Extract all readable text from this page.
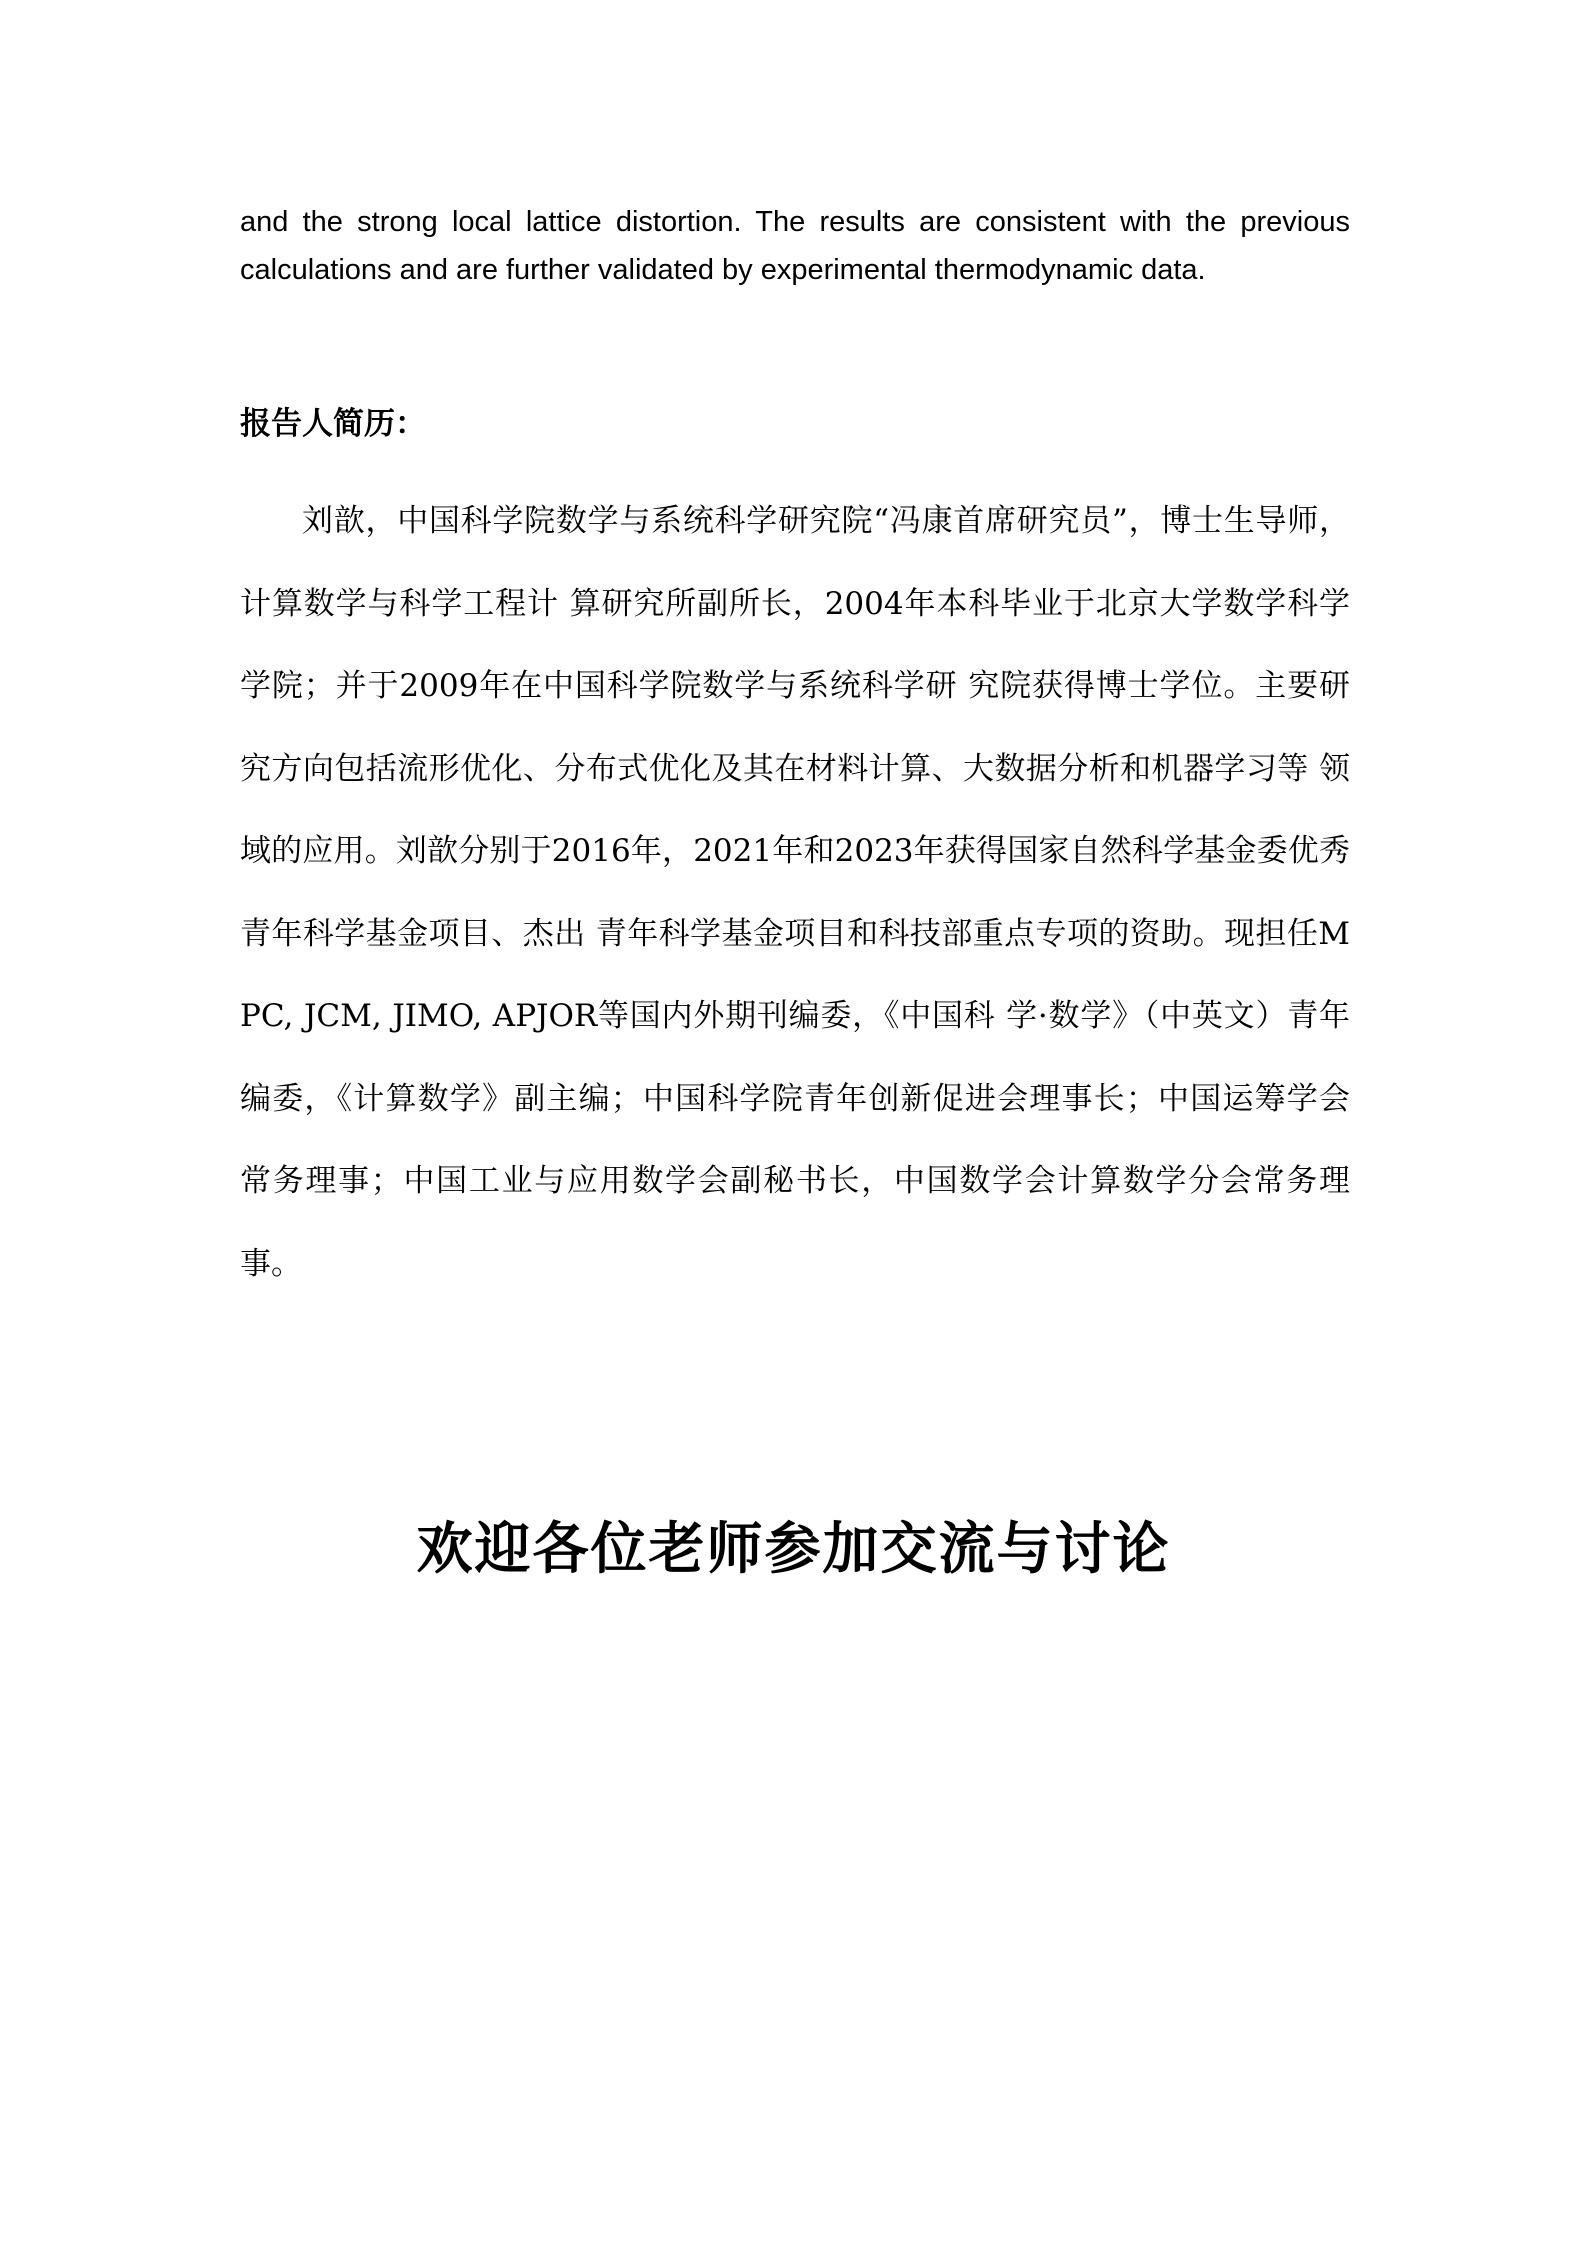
and the strong local lattice distortion. The results are consistent with the previous calculations and are further validated by experimental thermodynamic data.

报告人简历：

刘歆，中国科学院数学与系统科学研究院“冯康首席研究员”，博士生导师，计算数学与科学工程计 算研究所副所长，2004年本科毕业于北京大学数学科学学院；并于2009年在中国科学院数学与系统科学研 究院获得博士学位。主要研究方向包括流形优化、分布式优化及其在材料计算、大数据分析和机器学习等 领域的应用。刘歆分别于2016年，2021年和2023年获得国家自然科学基金委优秀青年科学基金项目、杰出 青年科学基金项目和科技部重点专项的资助。现担任MPC, JCM, JIMO, APJOR等国内外期刊编委，《中国科 学·数学》（中英文）青年编委，《计算数学》副主编；中国科学院青年创新促进会理事长；中国运筹学会 常务理事；中国工业与应用数学会副秘书长，中国数学会计算数学分会常务理事。

欢迎各位老师参加交流与讨论
